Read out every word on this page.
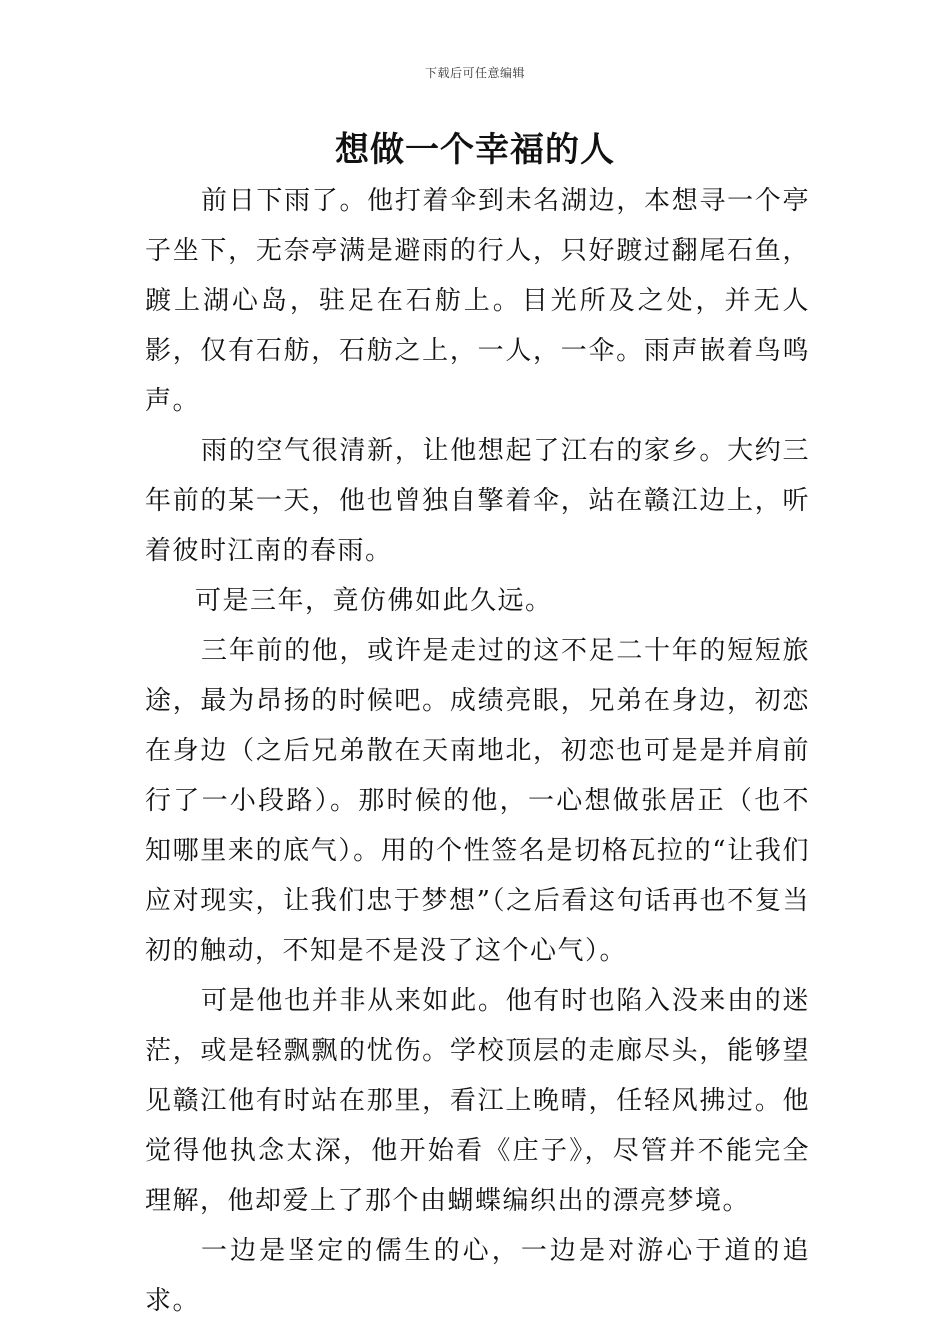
下载后可任意编辑
想做一个幸福的人

前日下雨了。他打着伞到未名湖边，本想寻一个亭子坐下，无奈亭满是避雨的行人，只好踱过翻尾石鱼，踱上湖心岛，驻足在石舫上。目光所及之处，并无人影，仅有石舫，石舫之上，一人，一伞。雨声嵌着鸟鸣声。

雨的空气很清新，让他想起了江右的家乡。大约三年前的某一天，他也曾独自擎着伞，站在赣江边上，听着彼时江南的春雨。

可是三年，竟仿佛如此久远。

三年前的他，或许是走过的这不足二十年的短短旅途，最为昂扬的时候吧。成绩亮眼，兄弟在身边，初恋在身边（之后兄弟散在天南地北，初恋也可是是并肩前行了一小段路）。那时候的他，一心想做张居正（也不知哪里来的底气）。用的个性签名是切格瓦拉的“让我们应对现实，让我们忠于梦想”（之后看这句话再也不复当初的触动，不知是不是没了这个心气）。

可是他也并非从来如此。他有时也陷入没来由的迷茫，或是轻飘飘的忧伤。学校顶层的走廊尽头，能够望见赣江他有时站在那里，看江上晚晴，任轻风拂过。他觉得他执念太深，他开始看《庄子》，尽管并不能完全理解，他却爱上了那个由蝴蝶编织出的漂亮梦境。

一边是坚定的儒生的心，一边是对游心于道的追求。
